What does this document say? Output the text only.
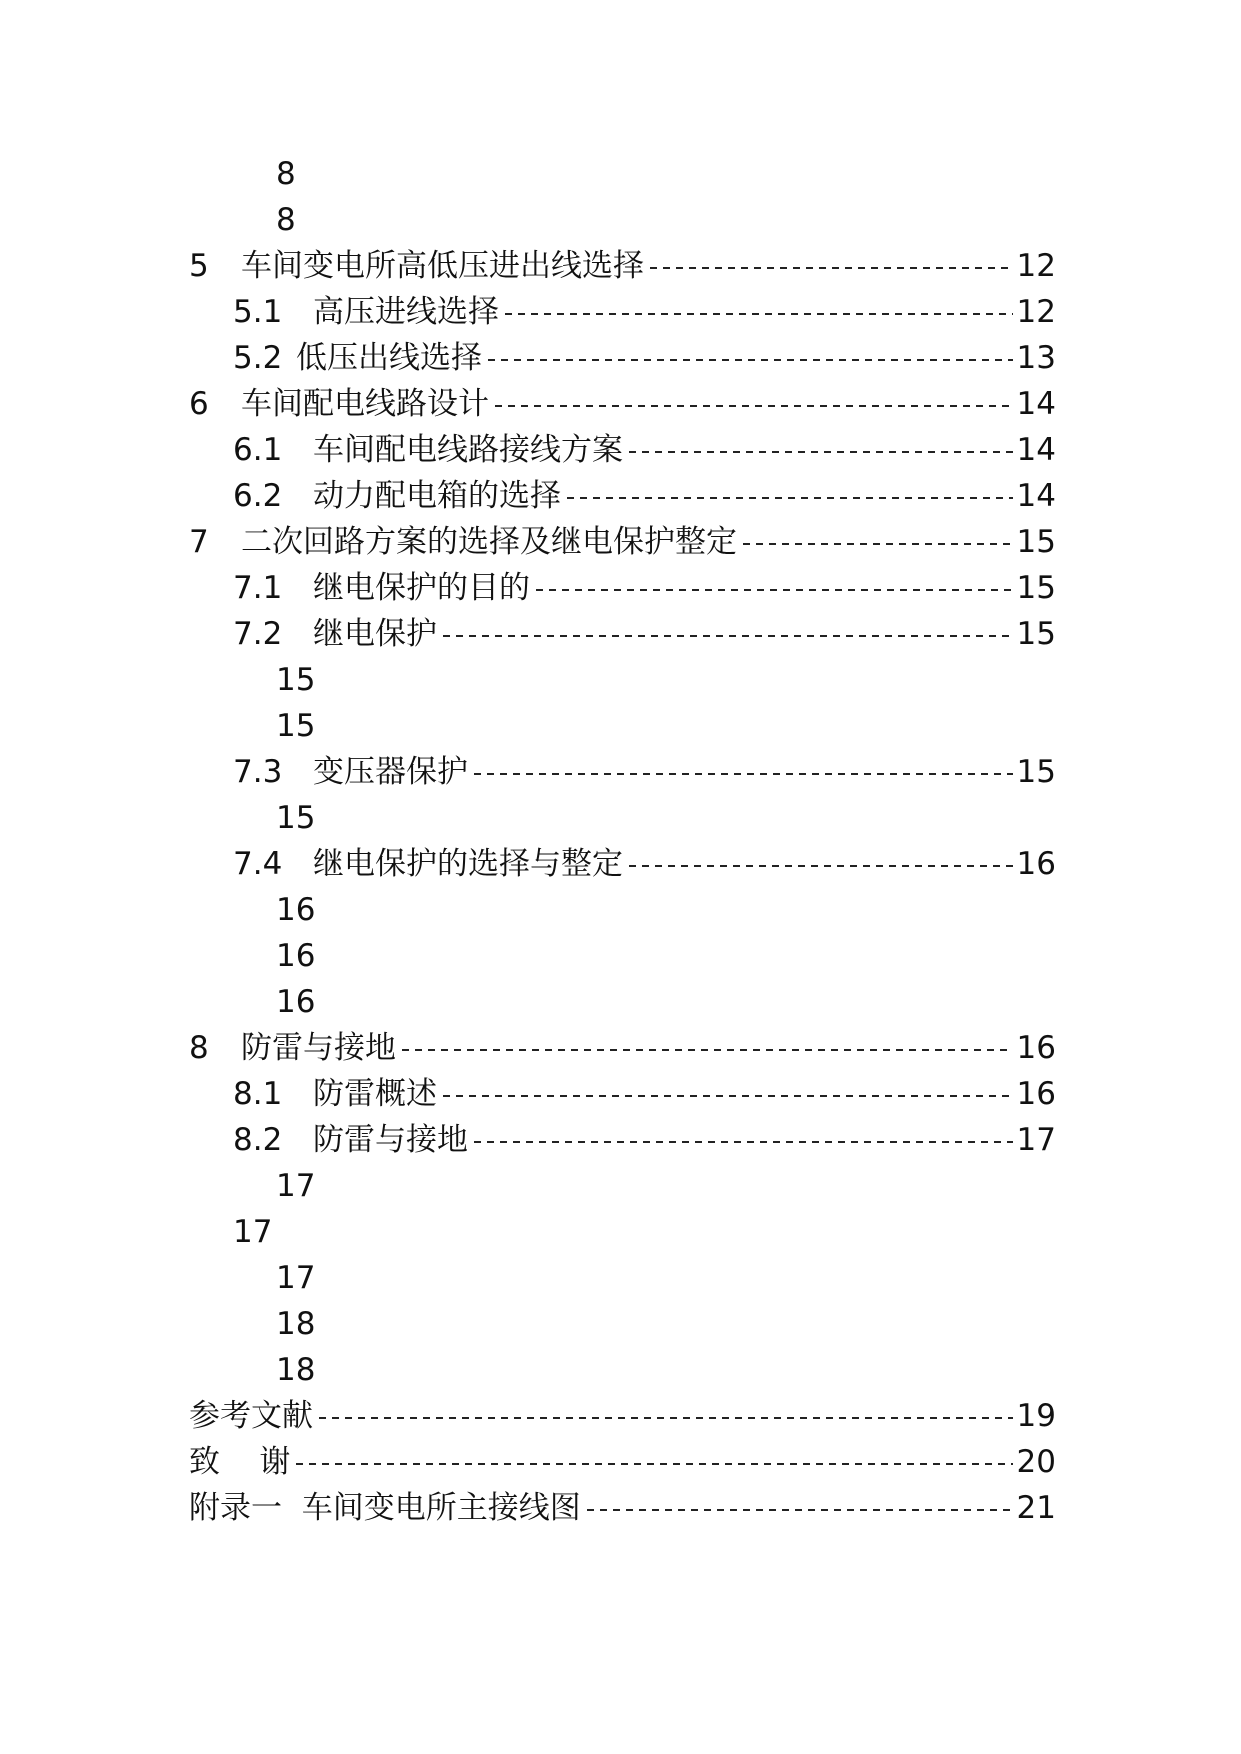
8
8
5	车间变电所高低压进出线选择	12
5.1 高压进线选择	12
5.2 低压出线选择	13
6	车间配电线路设计	14
6.1 车间配电线路接线方案	14
6.2 动力配电箱的选择	14
7	二次回路方案的选择及继电保护整定	15
7.1 继电保护的目的	15
7.2 继电保护	15
15
15
7.3 变压器保护	15
15
7.4 继电保护的选择与整定	16
16
16
16
8	防雷与接地	16
8.1 防雷概述	16
8.2 防雷与接地	17
17
17
17
18
18
参考文献	19
致    谢	20
附录一  车间变电所主接线图	21
